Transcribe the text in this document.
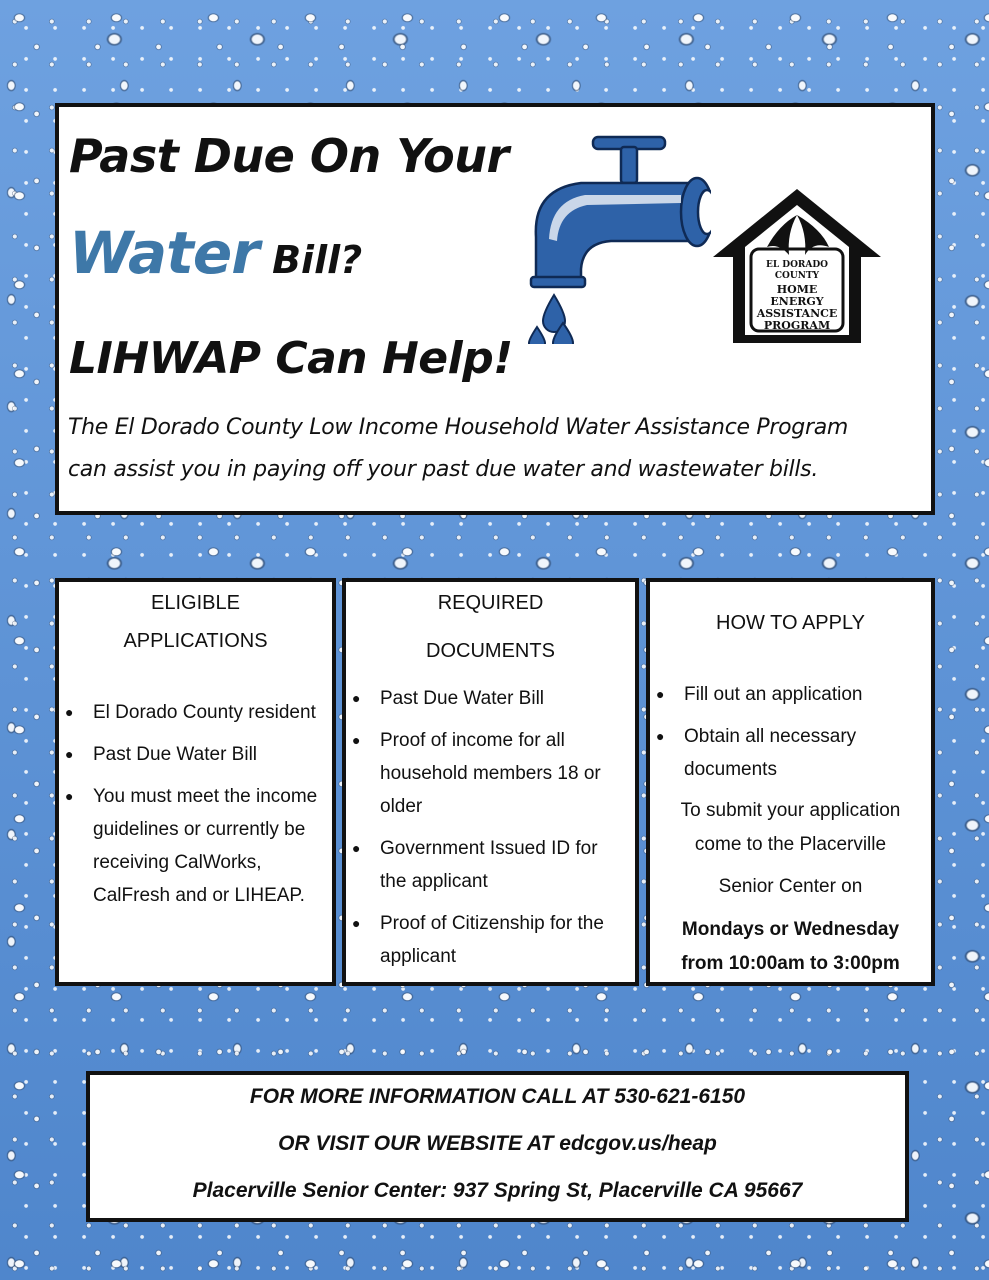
Past Due On Your
Water Bill?
LIHWAP Can Help!
EL DORADO
COUNTY
HOME
ENERGY
ASSISTANCE
PROGRAM

The El Dorado County Low Income Household Water Assistance Program
can assist you in paying off your past due water and wastewater bills.

ELIGIBLE

APPLICATIONS

● El Dorado County resident
● Past Due Water Bill
● You must meet the income guidelines or currently be receiving CalWorks, CalFresh and or LIHEAP.

REQUIRED

DOCUMENTS

● Past Due Water Bill
● Proof of income for all household members 18 or older
● Government Issued ID for the applicant
● Proof of Citizenship for the applicant

HOW TO APPLY

● Fill out an application
● Obtain all necessary documents

To submit your application

come to the Placerville

Senior Center on

Mondays or Wednesday

from 10:00am to 3:00pm

FOR MORE INFORMATION CALL AT 530-621-6150

OR VISIT OUR WEBSITE AT edcgov.us/heap

Placerville Senior Center: 937 Spring St, Placerville CA 95667
